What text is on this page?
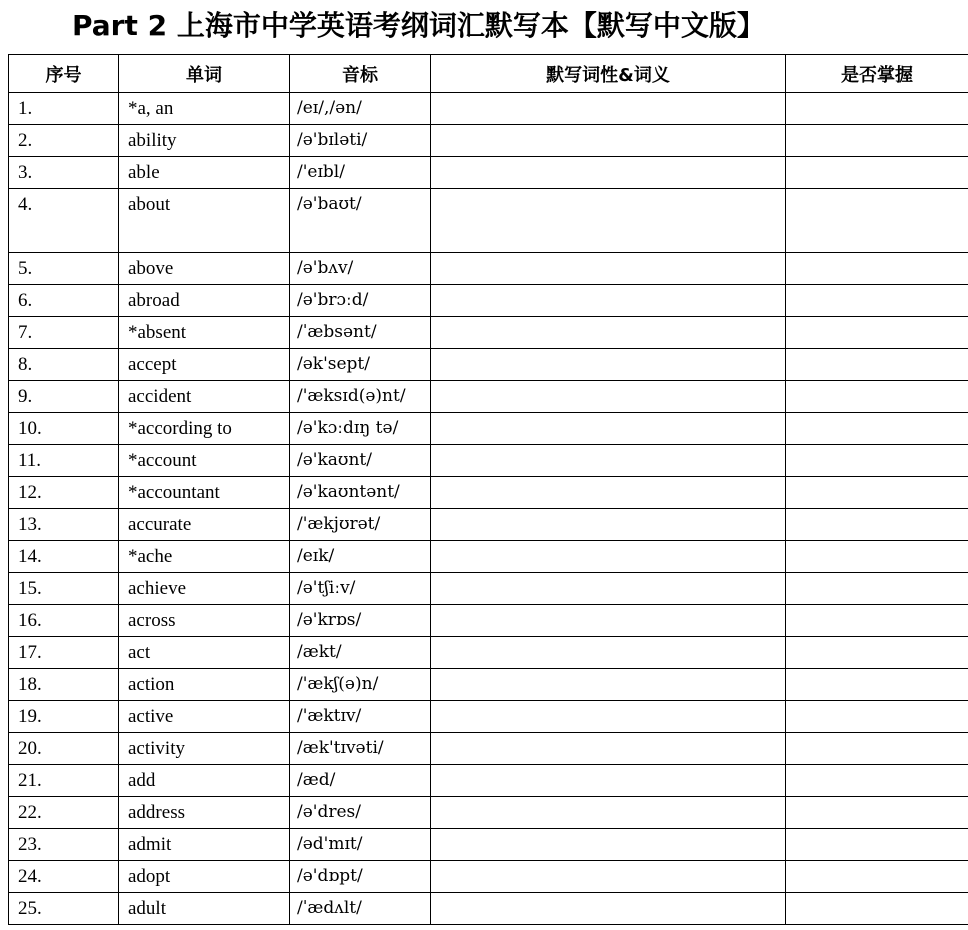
Part 2 上海市中学英语考纲词汇默写本【默写中文版】
序号	单词	音标	默写词性&词义	是否掌握
1.	*a, an	/eɪ/,/ən/		
2.	ability	/ə'bɪləti/		
3.	able	/'eɪbl/		
4.	about	/ə'baʊt/		
5.	above	/ə'bʌv/		
6.	abroad	/ə'brɔːd/		
7.	*absent	/ˈæbsənt/		
8.	accept	/ək'sept/		
9.	accident	/'æksɪd(ə)nt/		
10.	*according to	/ə'kɔːdɪŋ tə/		
11.	*account	/ə'kaʊnt/		
12.	*accountant	/ə'kaʊntənt/		
13.	accurate	/'ækjʊrət/		
14.	*ache	/eɪk/		
15.	achieve	/ə'tʃiːv/		
16.	across	/ə'krɒs/		
17.	act	/ækt/		
18.	action	/'ækʃ(ə)n/		
19.	active	/'æktɪv/		
20.	activity	/æk'tɪvəti/		
21.	add	/æd/		
22.	address	/ə'dres/		
23.	admit	/əd'mɪt/		
24.	adopt	/ə'dɒpt/		
25.	adult	/ˈædʌlt/		
